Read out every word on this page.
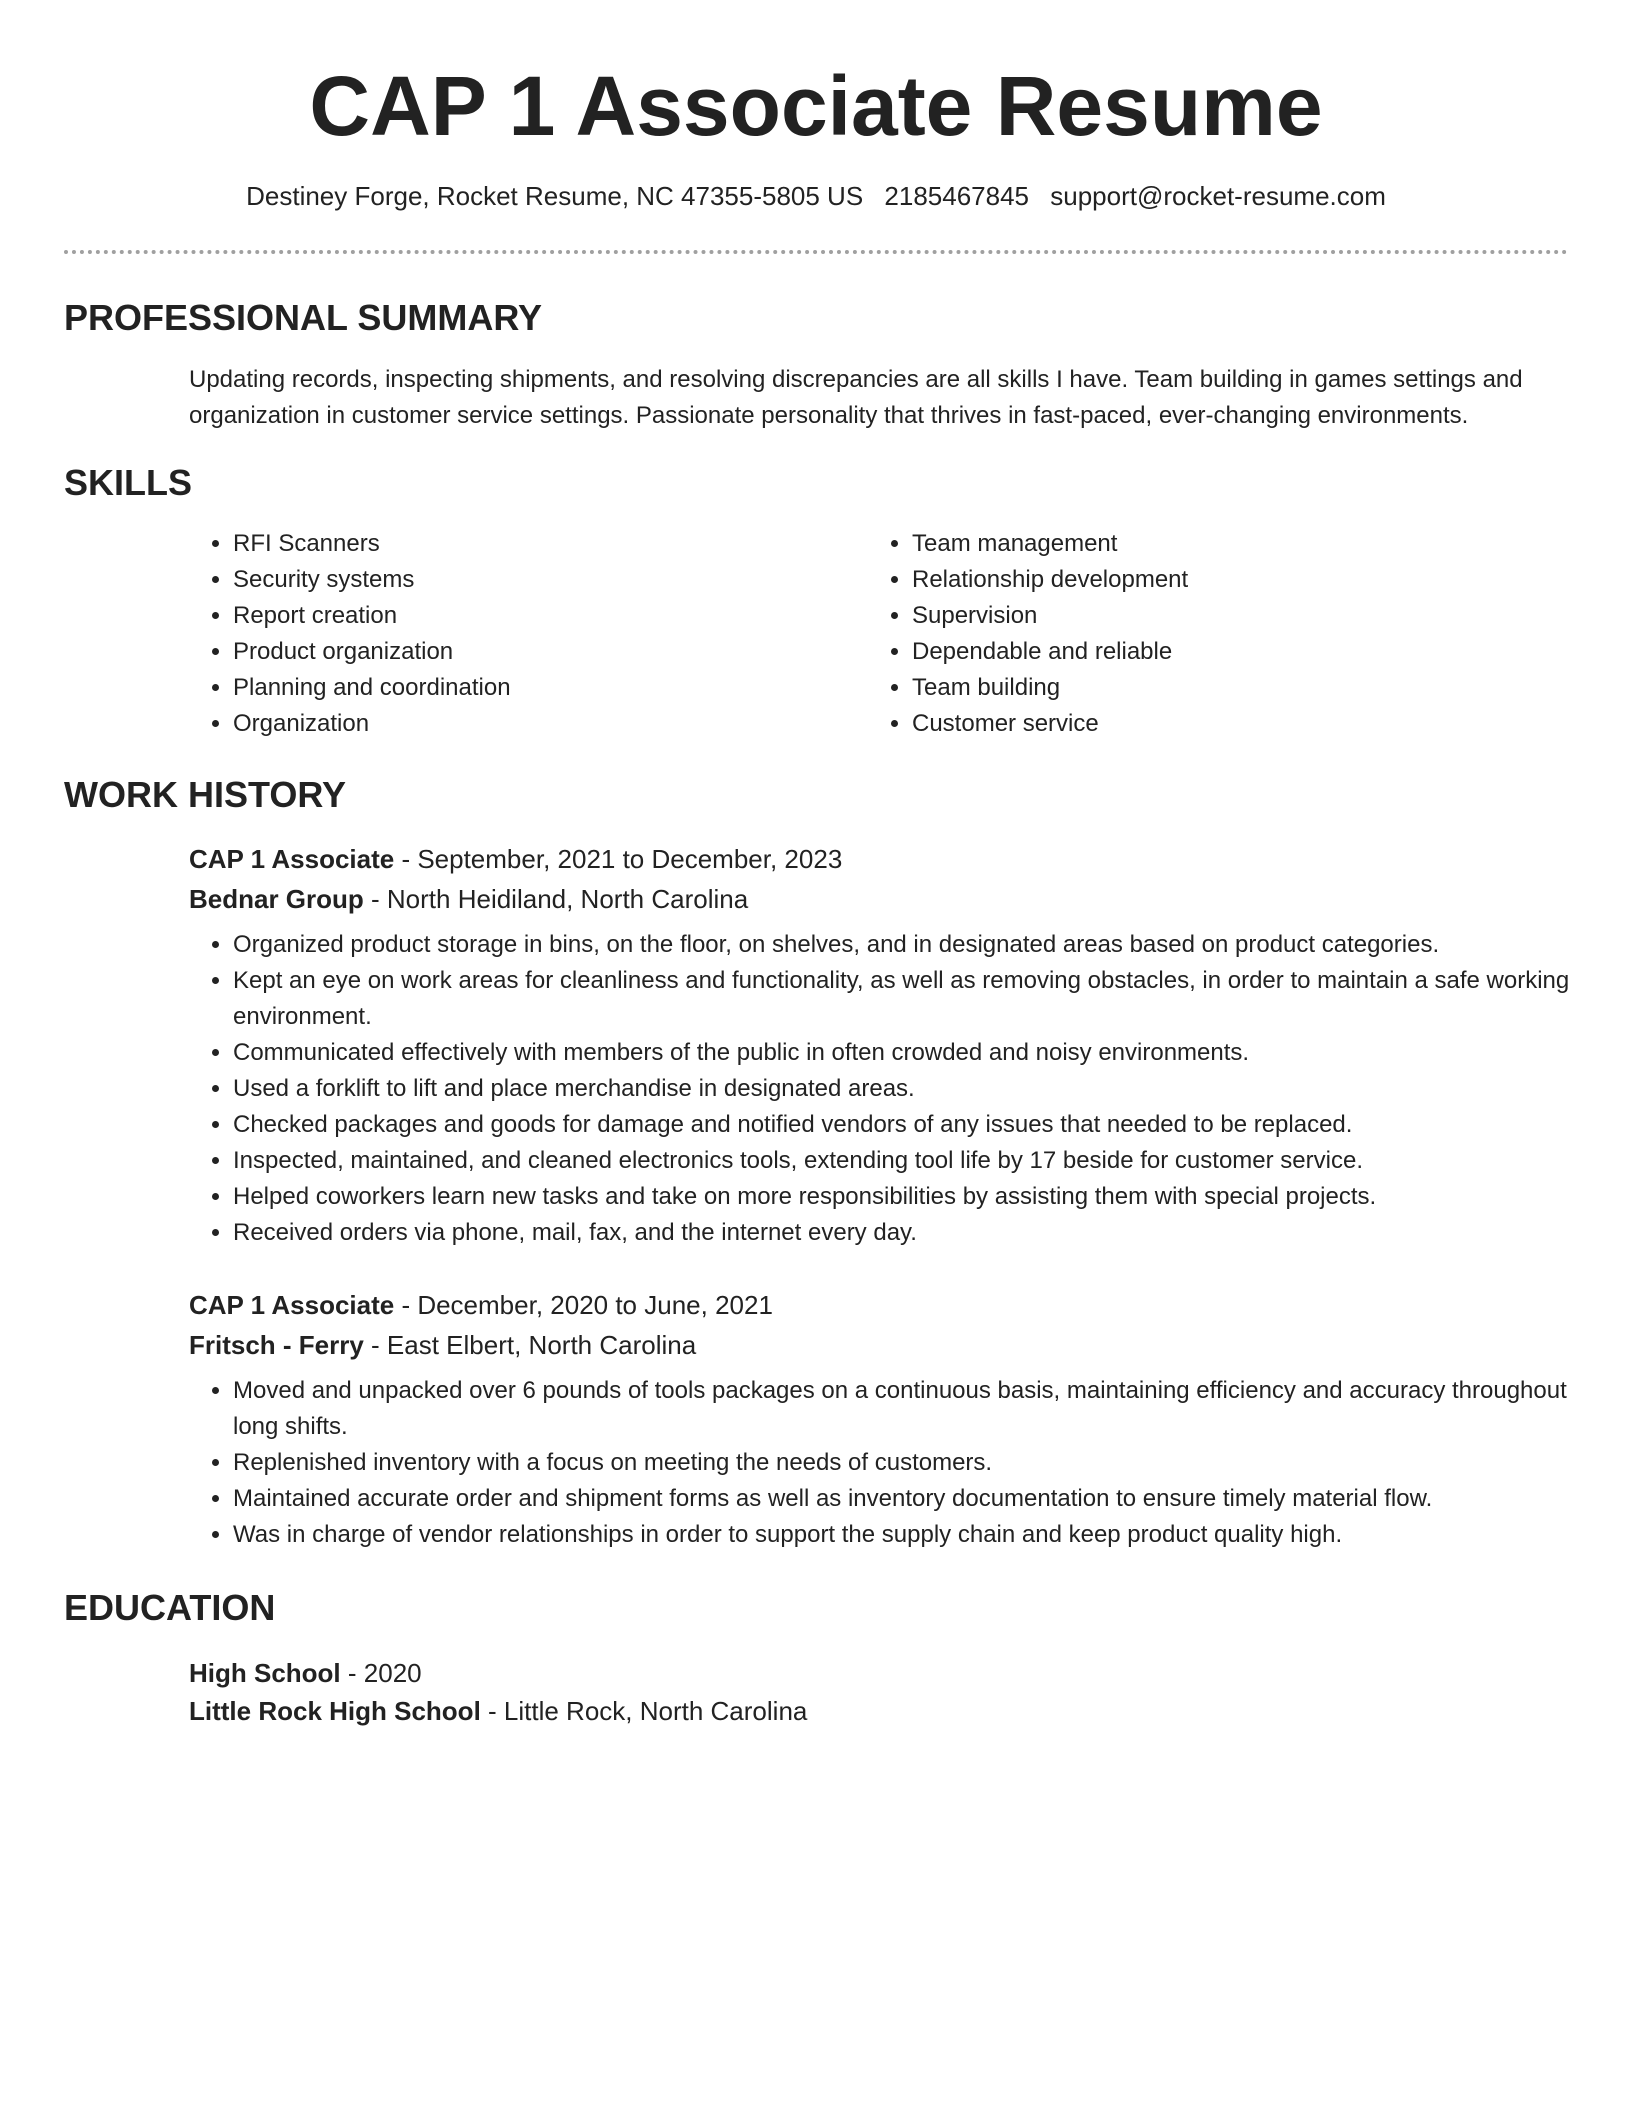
CAP 1 Associate Resume
Destiney Forge, Rocket Resume, NC 47355-5805 US 2185467845 support@rocket-resume.com
PROFESSIONAL SUMMARY

Updating records, inspecting shipments, and resolving discrepancies are all skills I have. Team building in games settings and organization in customer service settings. Passionate personality that thrives in fast-paced, ever-changing environments.

SKILLS
• RFI Scanners
• Security systems
• Report creation
• Product organization
• Planning and coordination
• Organization
• Team management
• Relationship development
• Supervision
• Dependable and reliable
• Team building
• Customer service
WORK HISTORY
CAP 1 Associate - September, 2021 to December, 2023
Bednar Group - North Heidiland, North Carolina
• Organized product storage in bins, on the floor, on shelves, and in designated areas based on product categories.
• Kept an eye on work areas for cleanliness and functionality, as well as removing obstacles, in order to maintain a safe working environment.
• Communicated effectively with members of the public in often crowded and noisy environments.
• Used a forklift to lift and place merchandise in designated areas.
• Checked packages and goods for damage and notified vendors of any issues that needed to be replaced.
• Inspected, maintained, and cleaned electronics tools, extending tool life by 17 beside for customer service.
• Helped coworkers learn new tasks and take on more responsibilities by assisting them with special projects.
• Received orders via phone, mail, fax, and the internet every day.
CAP 1 Associate - December, 2020 to June, 2021
Fritsch - Ferry - East Elbert, North Carolina
• Moved and unpacked over 6 pounds of tools packages on a continuous basis, maintaining efficiency and accuracy throughout long shifts.
• Replenished inventory with a focus on meeting the needs of customers.
• Maintained accurate order and shipment forms as well as inventory documentation to ensure timely material flow.
• Was in charge of vendor relationships in order to support the supply chain and keep product quality high.
EDUCATION
High School - 2020
Little Rock High School - Little Rock, North Carolina
